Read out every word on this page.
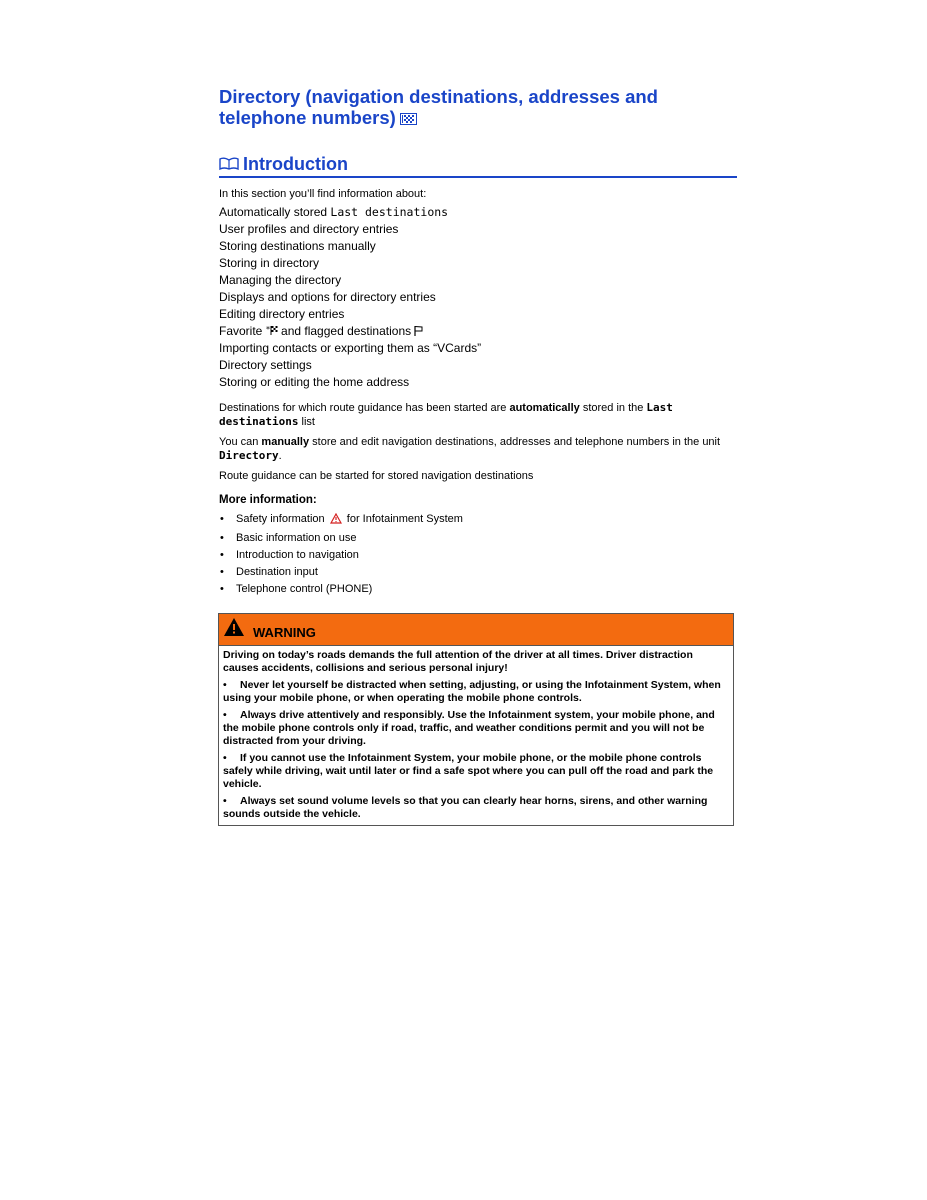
Directory (navigation destinations, addresses and
telephone numbers)
Introduction
In this section you’ll find information about:
Automatically stored Last destinations
User profiles and directory entries
Storing destinations manually
Storing in directory
Managing the directory
Displays and options for directory entries
Editing directory entries
Favorite * and flagged destinations
Importing contacts or exporting them as “VCards”
Directory settings
Storing or editing the home address
Destinations for which route guidance has been started are automatically stored in the Last destinations list
You can manually store and edit navigation destinations, addresses and telephone numbers in the unit Directory.
Route guidance can be started for stored navigation destinations
More information:
• Safety information  for Infotainment System
• Basic information on use
• Introduction to navigation
• Destination input
• Telephone control (PHONE)
WARNING

Driving on today’s roads demands the full attention of the driver at all times. Driver distraction causes accidents, collisions and serious personal injury!

• Never let yourself be distracted when setting, adjusting, or using the Infotainment System, when using your mobile phone, or when operating the mobile phone controls.

• Always drive attentively and responsibly. Use the Infotainment system, your mobile phone, and the mobile phone controls only if road, traffic, and weather conditions permit and you will not be distracted from your driving.

• If you cannot use the Infotainment System, your mobile phone, or the mobile phone controls safely while driving, wait until later or find a safe spot where you can pull off the road and park the vehicle.

• Always set sound volume levels so that you can clearly hear horns, sirens, and other warning sounds outside the vehicle.
